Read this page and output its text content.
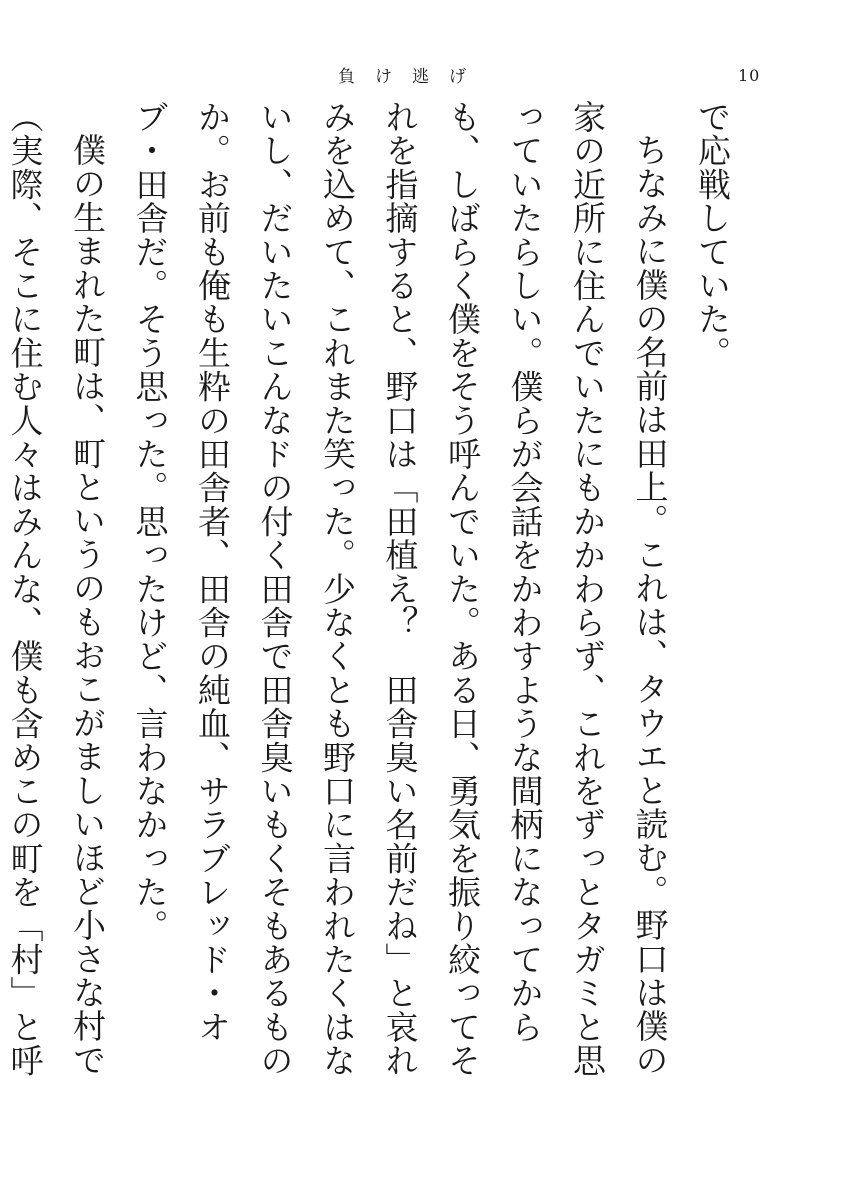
負け逃げ	10

で応戦していた。

ちなみに僕の名前は田上。これは、タウエと読む。野口は僕の家の近所に住んでいたにもかかわらず、これをずっとタガミと思っていたらしい。僕らが会話をかわすような間柄になってからも、しばらく僕をそう呼んでいた。ある日、勇気を振り絞ってそれを指摘すると、野口は「田植え？　田舎臭い名前だね」と哀れみを込めて、これまた笑った。少なくとも野口に言われたくはないし、だいたいこんなドの付く田舎で田舎臭いもくそもあるものか。お前も俺も生粋の田舎者、田舎の純血、サラブレッド・オブ・田舎だ。そう思った。思ったけど、言わなかった。

僕の生まれた町は、町というのもおこがましいほど小さな村で（実際、そこに住む人々はみんな、僕も含めこの町を「村」と呼
